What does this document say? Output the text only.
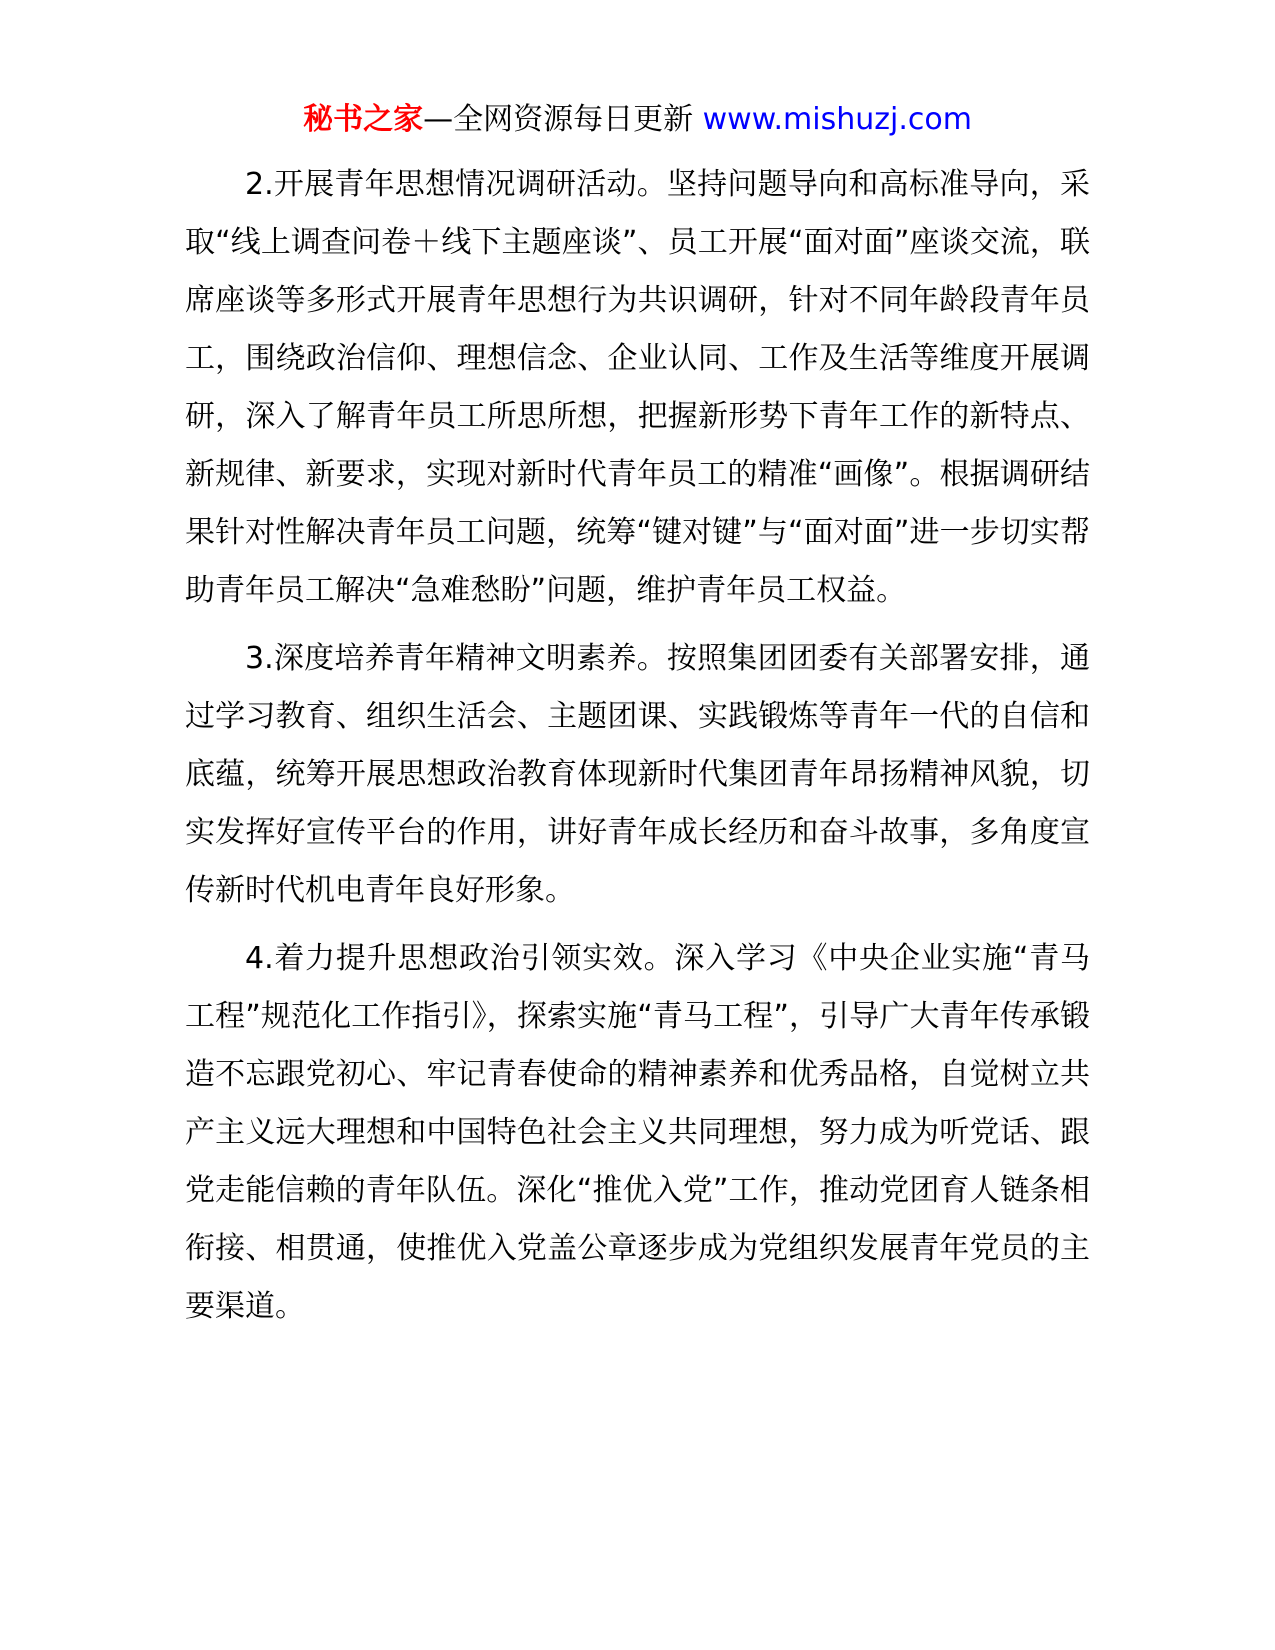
秘书之家—全网资源每日更新 www.mishuzj.com

2.开展青年思想情况调研活动。坚持问题导向和高标准导向，采取“线上调查问卷＋线下主题座谈”、员工开展“面对面”座谈交流，联席座谈等多形式开展青年思想行为共识调研，针对不同年龄段青年员工，围绕政治信仰、理想信念、企业认同、工作及生活等维度开展调研，深入了解青年员工所思所想，把握新形势下青年工作的新特点、新规律、新要求，实现对新时代青年员工的精准“画像”。根据调研结果针对性解决青年员工问题，统筹“键对键”与“面对面”进一步切实帮助青年员工解决“急难愁盼”问题，维护青年员工权益。

3.深度培养青年精神文明素养。按照集团团委有关部署安排，通过学习教育、组织生活会、主题团课、实践锻炼等青年一代的自信和底蕴，统筹开展思想政治教育体现新时代集团青年昂扬精神风貌，切实发挥好宣传平台的作用，讲好青年成长经历和奋斗故事，多角度宣传新时代机电青年良好形象。

4.着力提升思想政治引领实效。深入学习《中央企业实施“青马工程”规范化工作指引》，探索实施“青马工程”，引导广大青年传承锻造不忘跟党初心、牢记青春使命的精神素养和优秀品格，自觉树立共产主义远大理想和中国特色社会主义共同理想，努力成为听党话、跟党走能信赖的青年队伍。深化“推优入党”工作，推动党团育人链条相衔接、相贯通，使推优入党盖公章逐步成为党组织发展青年党员的主要渠道。
